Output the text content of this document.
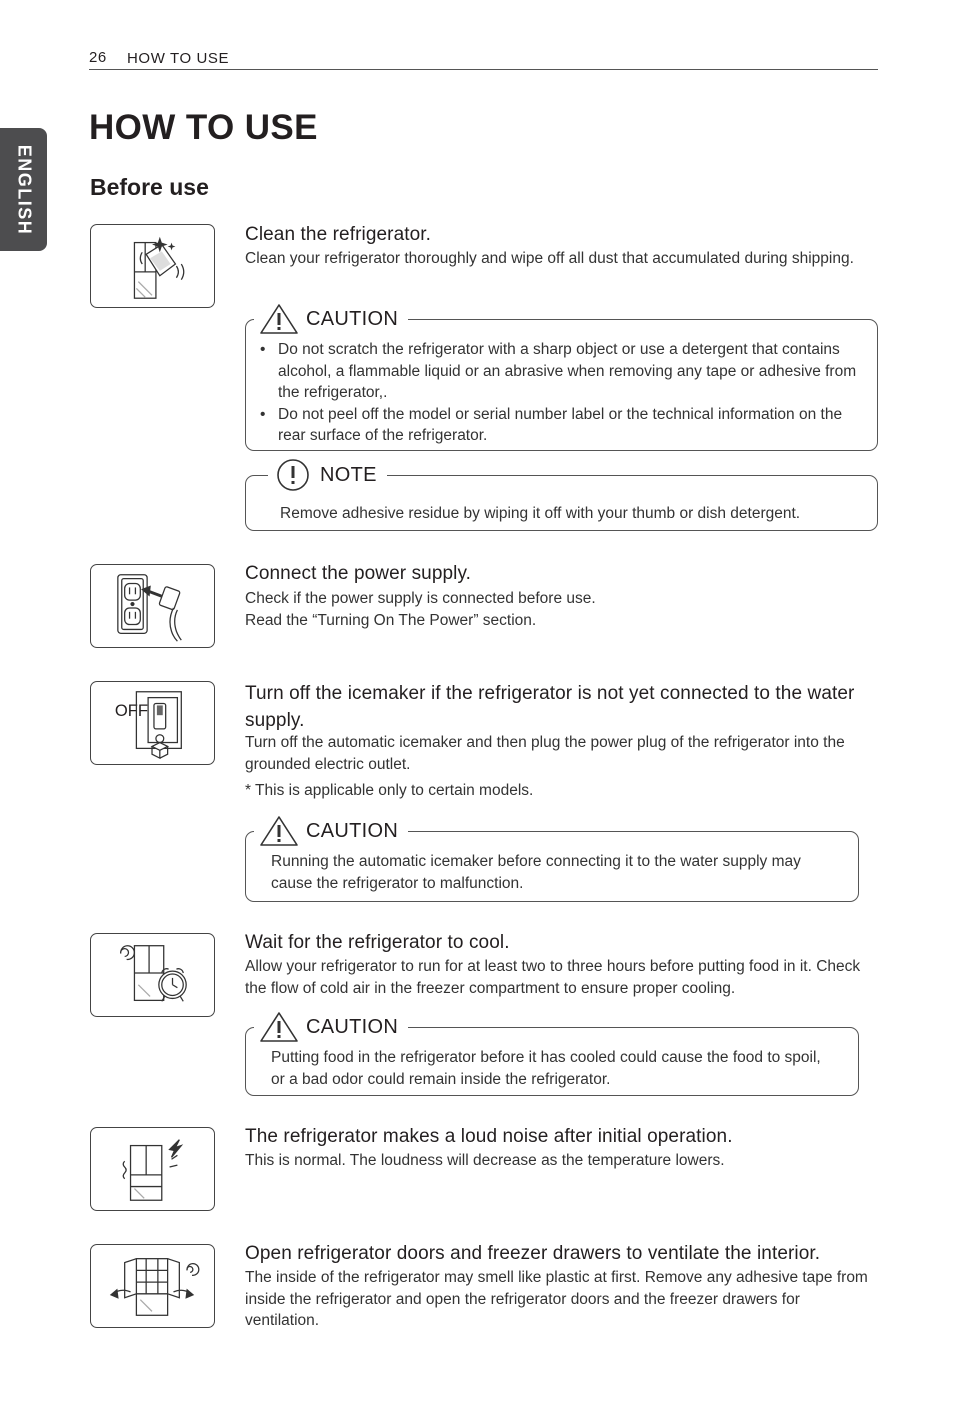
26 HOW TO USE
ENGLISH
HOW TO USE
Before use
Clean the refrigerator.
Clean your refrigerator thoroughly and wipe off all dust that accumulated during shipping.
CAUTION
• Do not scratch the refrigerator with a sharp object or use a detergent that contains alcohol, a flammable liquid or an abrasive when removing any tape or adhesive from the refrigerator,.
• Do not peel off the model or serial number label or the technical information on the rear surface of the refrigerator.
NOTE
Remove adhesive residue by wiping it off with your thumb or dish detergent.
Connect the power supply.
Check if the power supply is connected before use.
Read the “Turning On The Power” section.
OFF
Turn off the icemaker if the refrigerator is not yet connected to the water supply.
Turn off the automatic icemaker and then plug the power plug of the refrigerator into the grounded electric outlet.
* This is applicable only to certain models.
CAUTION
Running the automatic icemaker before connecting it to the water supply may cause the refrigerator to malfunction.
Wait for the refrigerator to cool.
Allow your refrigerator to run for at least two to three hours before putting food in it. Check the flow of cold air in the freezer compartment to ensure proper cooling.
CAUTION
Putting food in the refrigerator before it has cooled could cause the food to spoil, or a bad odor could remain inside the refrigerator.
The refrigerator makes a loud noise after initial operation.
This is normal. The loudness will decrease as the temperature lowers.
Open refrigerator doors and freezer drawers to ventilate the interior.
The inside of the refrigerator may smell like plastic at first. Remove any adhesive tape from inside the refrigerator and open the refrigerator doors and the freezer drawers for ventilation.
